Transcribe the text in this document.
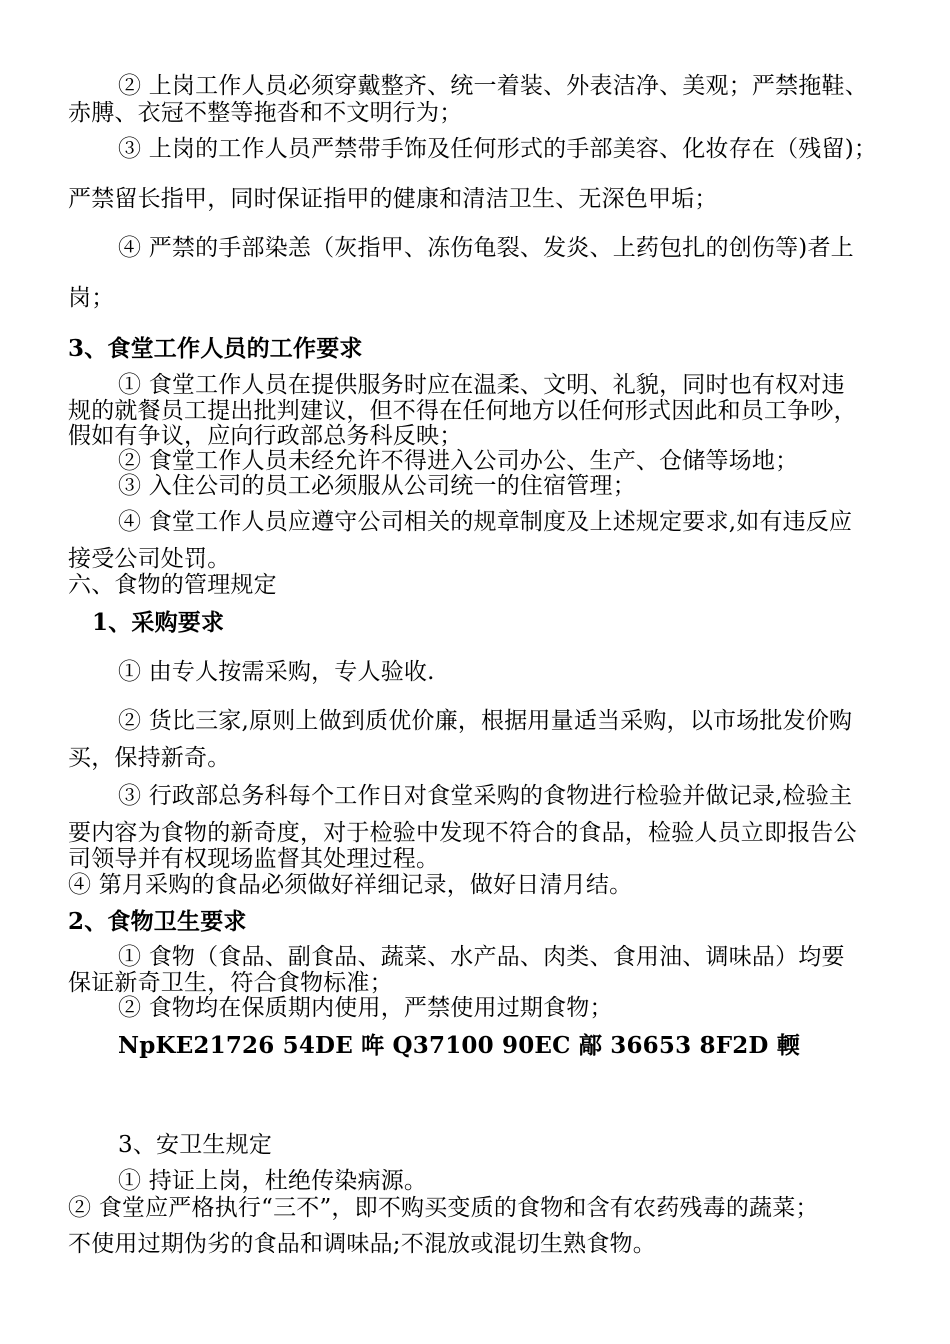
② 上岗工作人员必须穿戴整齐、统一着装、外表洁净、美观；严禁拖鞋、
赤膊、衣冠不整等拖沓和不文明行为；
③ 上岗的工作人员严禁带手饰及任何形式的手部美容、化妆存在（残留)；
严禁留长指甲，同时保证指甲的健康和清洁卫生、无深色甲垢；
④ 严禁的手部染恙（灰指甲、冻伤龟裂、发炎、上药包扎的创伤等)者上
岗；
3、食堂工作人员的工作要求
① 食堂工作人员在提供服务时应在温柔、文明、礼貌，同时也有权对违
规的就餐员工提出批判建议，但不得在任何地方以任何形式因此和员工争吵，
假如有争议，应向行政部总务科反映；
② 食堂工作人员未经允许不得进入公司办公、生产、仓储等场地；
③ 入住公司的员工必须服从公司统一的住宿管理；
④ 食堂工作人员应遵守公司相关的规章制度及上述规定要求,如有违反应
接受公司处罚。
六、食物的管理规定
1、采购要求
① 由专人按需采购，专人验收.
② 货比三家,原则上做到质优价廉，根据用量适当采购，以市场批发价购
买，保持新奇。
③ 行政部总务科每个工作日对食堂采购的食物进行检验并做记录,检验主
要内容为食物的新奇度，对于检验中发现不符合的食品，检验人员立即报告公
司领导并有权现场监督其处理过程。
④ 第月采购的食品必须做好祥细记录，做好日清月结。
2、食物卫生要求
① 食物（食品、副食品、蔬菜、水产品、肉类、食用油、调味品）均要
保证新奇卫生，符合食物标准；
② 食物均在保质期内使用，严禁使用过期食物；
NpKE21726 54DE 哖 Q37100 90EC 鄗 36653 8F2D 輭
3、安卫生规定
① 持证上岗，杜绝传染病源。
② 食堂应严格执行“三不”，即不购买变质的食物和含有农药残毒的蔬菜；
不使用过期伪劣的食品和调味品;不混放或混切生熟食物。
